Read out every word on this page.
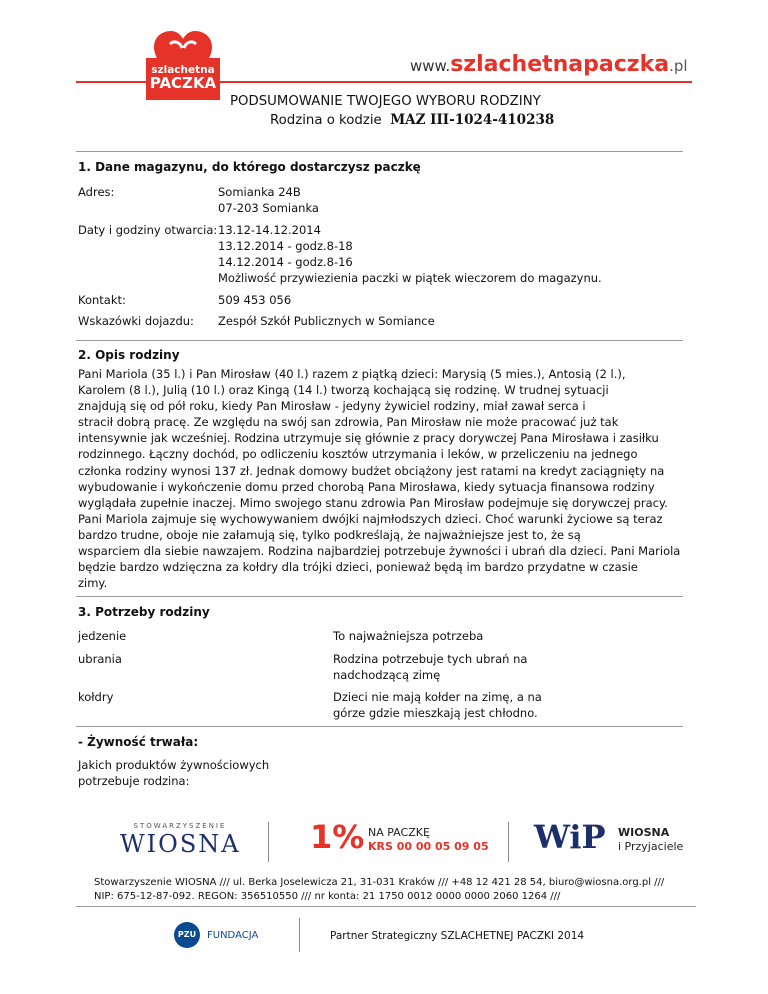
szlachetna
PACZKA
www.szlachetnapaczka.pl
PODSUMOWANIE TWOJEGO WYBORU RODZINY
Rodzina o kodzie MAZ III-1024-410238
1. Dane magazynu, do którego dostarczysz paczkę
Adres:	Somianka 24B
07-203 Somianka
Daty i godziny otwarcia: 13.12-14.12.2014
13.12.2014 - godz.8-18
14.12.2014 - godz.8-16
Możliwość przywiezienia paczki w piątek wieczorem do magazynu.
Kontakt:	509 453 056
Wskazówki dojazdu: Zespół Szkół Publicznych w Somiance
2. Opis rodziny
Pani Mariola (35 l.) i Pan Mirosław (40 l.) razem z piątką dzieci: Marysią (5 mies.), Antosią (2 l.),
Karolem (8 l.), Julią (10 l.) oraz Kingą (14 l.) tworzą kochającą się rodzinę. W trudnej sytuacji
znajdują się od pół roku, kiedy Pan Mirosław - jedyny żywiciel rodziny, miał zawał serca i
stracił dobrą pracę. Ze względu na swój san zdrowia, Pan Mirosław nie może pracować już tak
intensywnie jak wcześniej. Rodzina utrzymuje się głównie z pracy dorywczej Pana Mirosława i zasiłku
rodzinnego. Łączny dochód, po odliczeniu kosztów utrzymania i leków, w przeliczeniu na jednego
członka rodziny wynosi 137 zł. Jednak domowy budżet obciążony jest ratami na kredyt zaciągnięty na
wybudowanie i wykończenie domu przed chorobą Pana Mirosława, kiedy sytuacja finansowa rodziny
wyglądała zupełnie inaczej. Mimo swojego stanu zdrowia Pan Mirosław podejmuje się dorywczej pracy.
Pani Mariola zajmuje się wychowywaniem dwójki najmłodszych dzieci. Choć warunki życiowe są teraz
bardzo trudne, oboje nie załamują się, tylko podkreślają, że najważniejsze jest to, że są
wsparciem dla siebie nawzajem. Rodzina najbardziej potrzebuje żywności i ubrań dla dzieci. Pani Mariola
będzie bardzo wdzięczna za kołdry dla trójki dzieci, ponieważ będą im bardzo przydatne w czasie
zimy.
3. Potrzeby rodziny
jedzenie	To najważniejsza potrzeba
ubrania	Rodzina potrzebuje tych ubrań na
nadchodzącą zimę
kołdry	Dzieci nie mają kołder na zimę, a na
górze gdzie mieszkają jest chłodno.
- Żywność trwała:
Jakich produktów żywnościowych
potrzebuje rodzina:
STOWARZYSZENIE
WIOSNA 1% NA PACZKĘ
KRS 00 00 05 09 05 WiP WIOSNA
i Przyjaciele
Stowarzyszenie WIOSNA /// ul. Berka Joselewicza 21, 31-031 Kraków /// +48 12 421 28 54, biuro@wiosna.org.pl ///
NIP: 675-12-87-092. REGON: 356510550 /// nr konta: 21 1750 0012 0000 0000 2060 1264 ///
PZU	FUNDACJA	Partner Strategiczny SZLACHETNEJ PACZKI 2014
